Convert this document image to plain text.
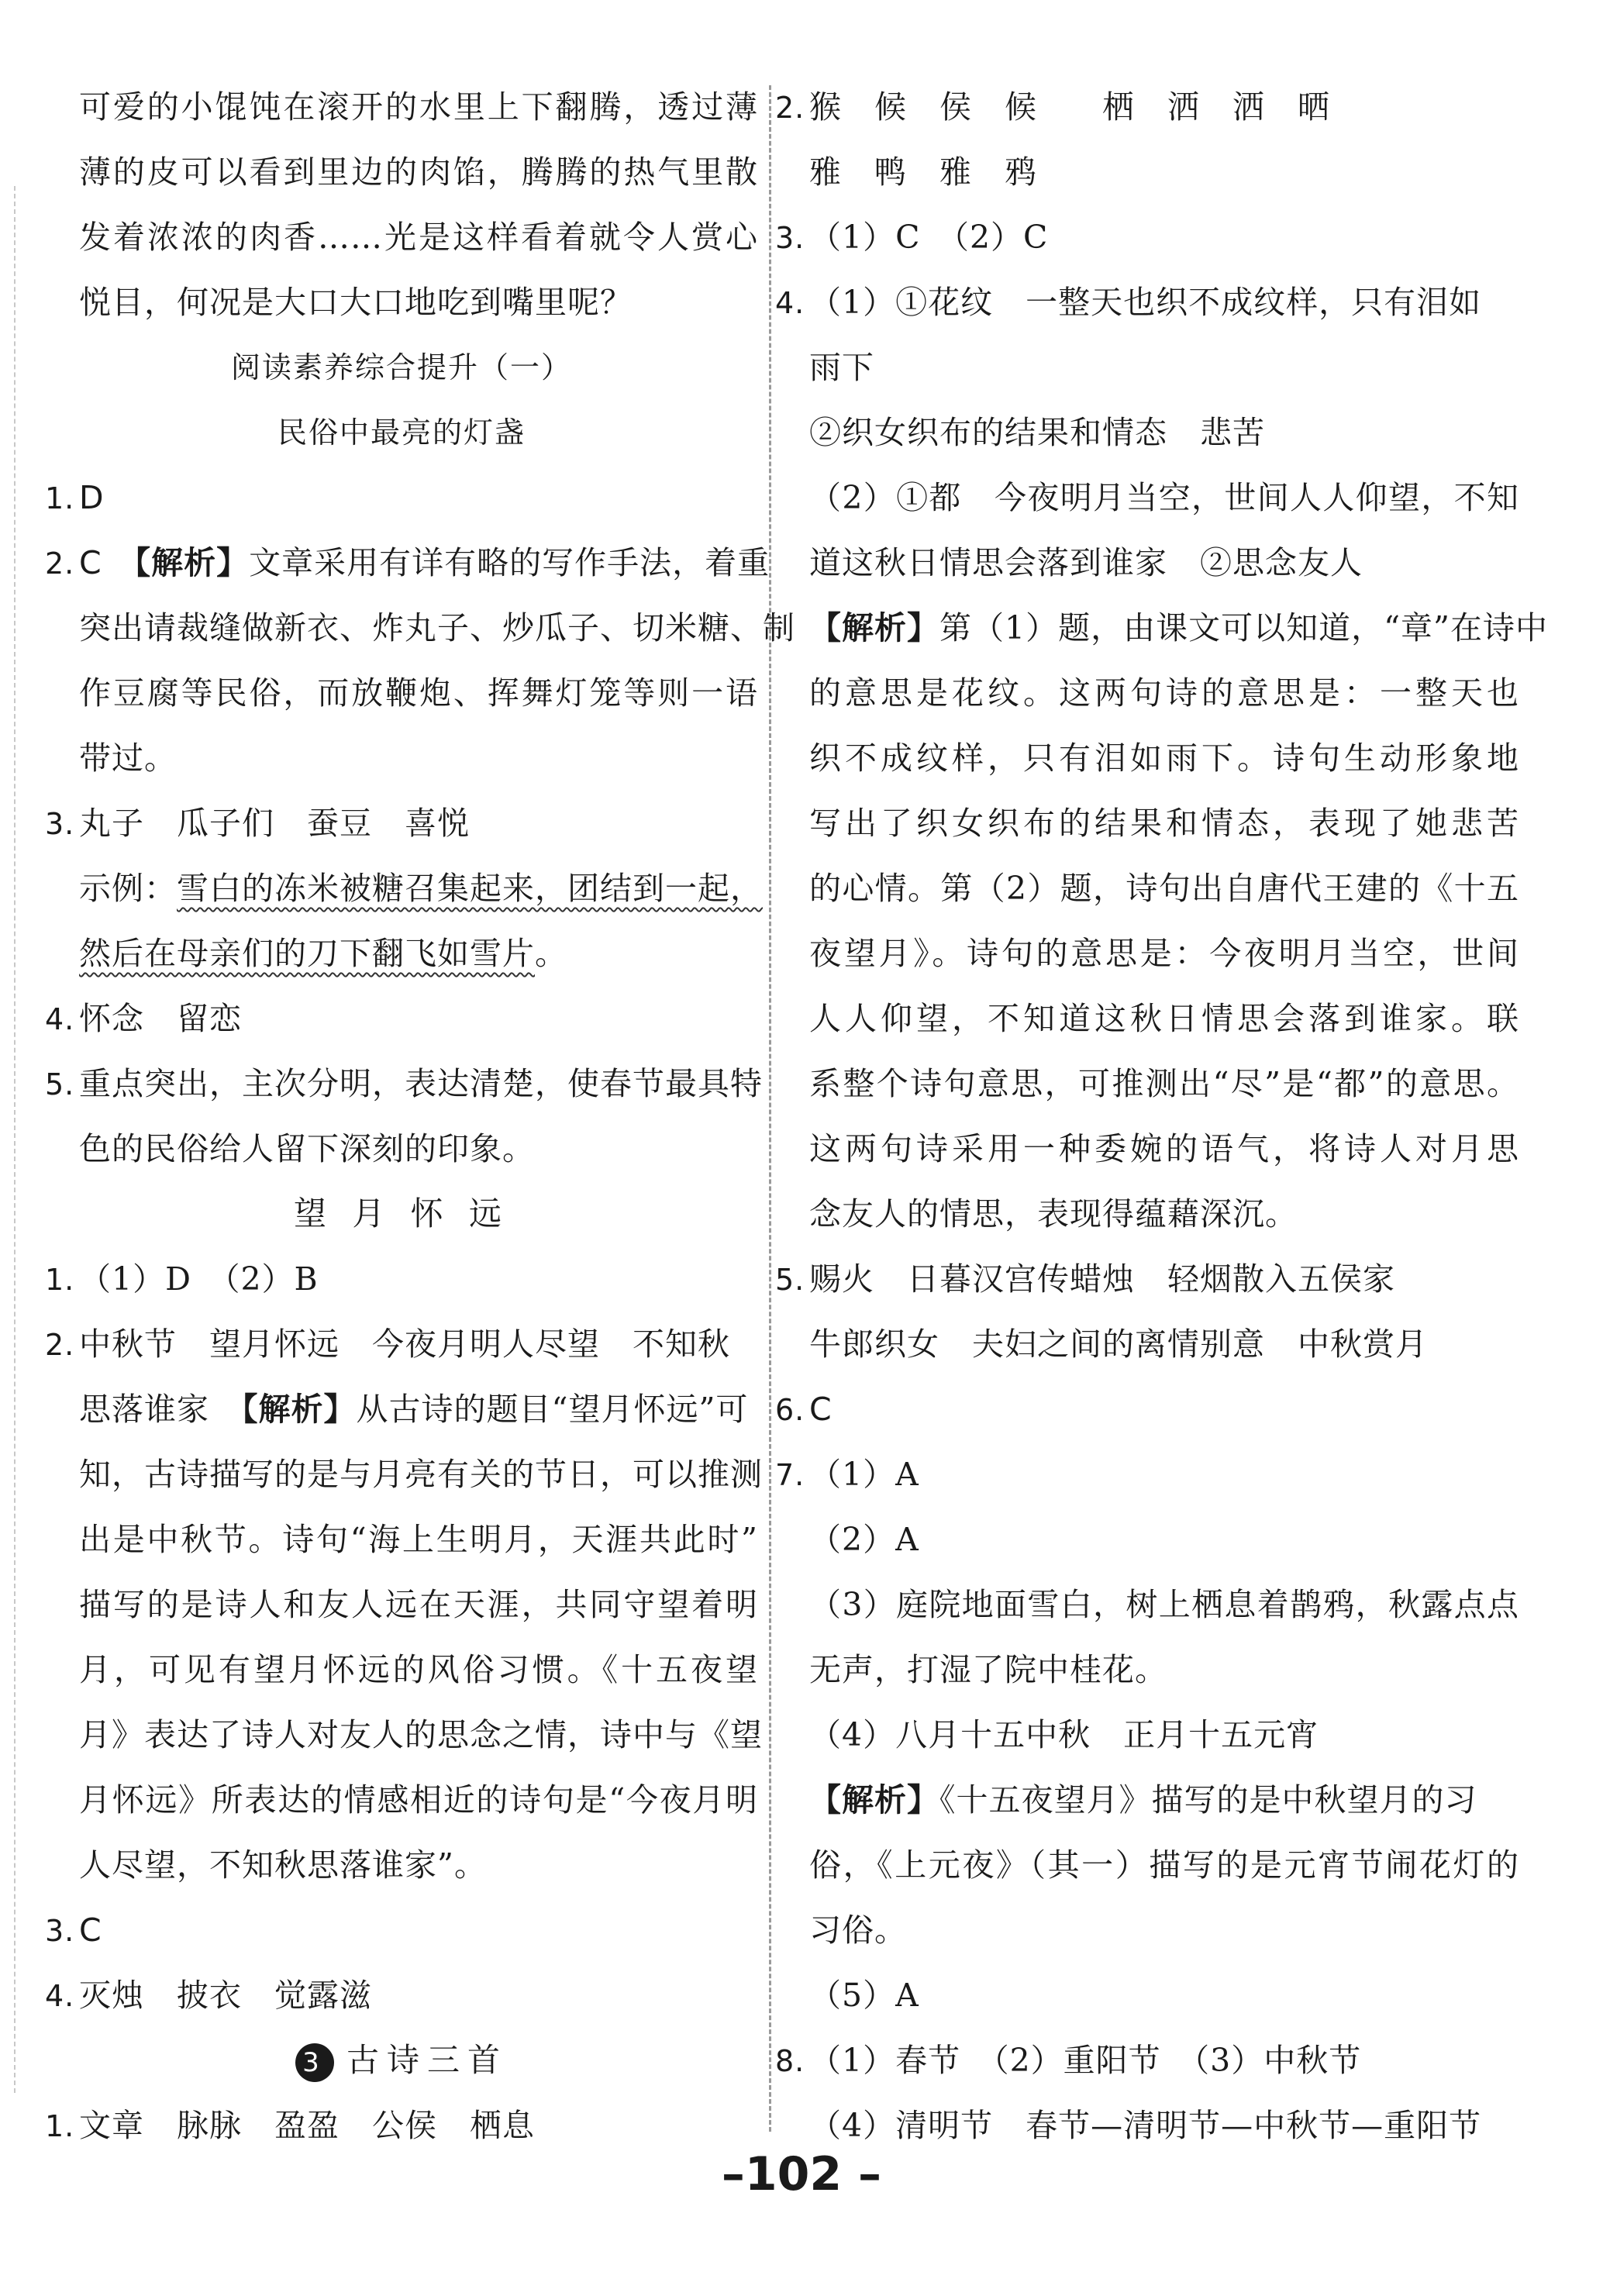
可爱的小馄饨在滚开的水里上下翻腾，透过薄
薄的皮可以看到里边的肉馅，腾腾的热气里散
发着浓浓的肉香……光是这样看着就令人赏心
悦目，何况是大口大口地吃到嘴里呢？
阅读素养综合提升（一）
民俗中最亮的灯盏
1. D
2. C　 【解析】文章采用有详有略的写作手法，着重
突出请裁缝做新衣、炸丸子、炒瓜子、切米糖、制
作豆腐等民俗，而放鞭炮、挥舞灯笼等则一语
带过。
3. 丸子　瓜子们　蚕豆　喜悦
示例：雪白的冻米被糖召集起来，团结到一起，
然后在母亲们的刀下翻飞如雪片。
4. 怀念　留恋
5. 重点突出，主次分明，表达清楚，使春节最具特
色的民俗给人留下深刻的印象。
望 月 怀 远
1. （1）D　（2）B
2. 中秋节　望月怀远　今夜月明人尽望　不知秋
思落谁家　 【解析】从古诗的题目“望月怀远”可
知，古诗描写的是与月亮有关的节日，可以推测
出是中秋节。诗句“海上生明月，天涯共此时”
描写的是诗人和友人远在天涯，共同守望着明
月，可见有望月怀远的风俗习惯。《十五夜望
月》表达了诗人对友人的思念之情，诗中与《望
月怀远》所表达的情感相近的诗句是“今夜月明
人尽望，不知秋思落谁家”。
3. C
4. 灭烛　披衣　觉露滋
3 古诗三首
1. 文章　脉脉　盈盈　公侯　栖息
2. 猴　候　侯　候　　栖　洒　洒　晒
雅　鸭　雅　鸦
3. （1）C　（2）C
4. （1）①花纹　一整天也织不成纹样，只有泪如
雨下
②织女织布的结果和情态　悲苦
（2）①都　今夜明月当空，世间人人仰望，不知
道这秋日情思会落到谁家　②思念友人
【解析】第（1）题，由课文可以知道，“章”在诗中
的意思是花纹。这两句诗的意思是：一整天也
织不成纹样，只有泪如雨下。诗句生动形象地
写出了织女织布的结果和情态，表现了她悲苦
的心情。第（2）题，诗句出自唐代王建的《十五
夜望月》。诗句的意思是：今夜明月当空，世间
人人仰望，不知道这秋日情思会落到谁家。联
系整个诗句意思，可推测出“尽”是“都”的意思。
这两句诗采用一种委婉的语气，将诗人对月思
念友人的情思，表现得蕴藉深沉。
5. 赐火　日暮汉宫传蜡烛　轻烟散入五侯家
牛郎织女　夫妇之间的离情别意　中秋赏月
6. C
7. （1）A
（2）A
（3）庭院地面雪白，树上栖息着鹊鸦，秋露点点
无声，打湿了院中桂花。
（4）八月十五中秋　正月十五元宵
【解析】《十五夜望月》描写的是中秋望月的习
俗，《上元夜》（其一）描写的是元宵节闹花灯的
习俗。
（5）A
8. （1）春节　（2）重阳节　（3）中秋节
（4）清明节　春节—清明节—中秋节—重阳节
–102 –
